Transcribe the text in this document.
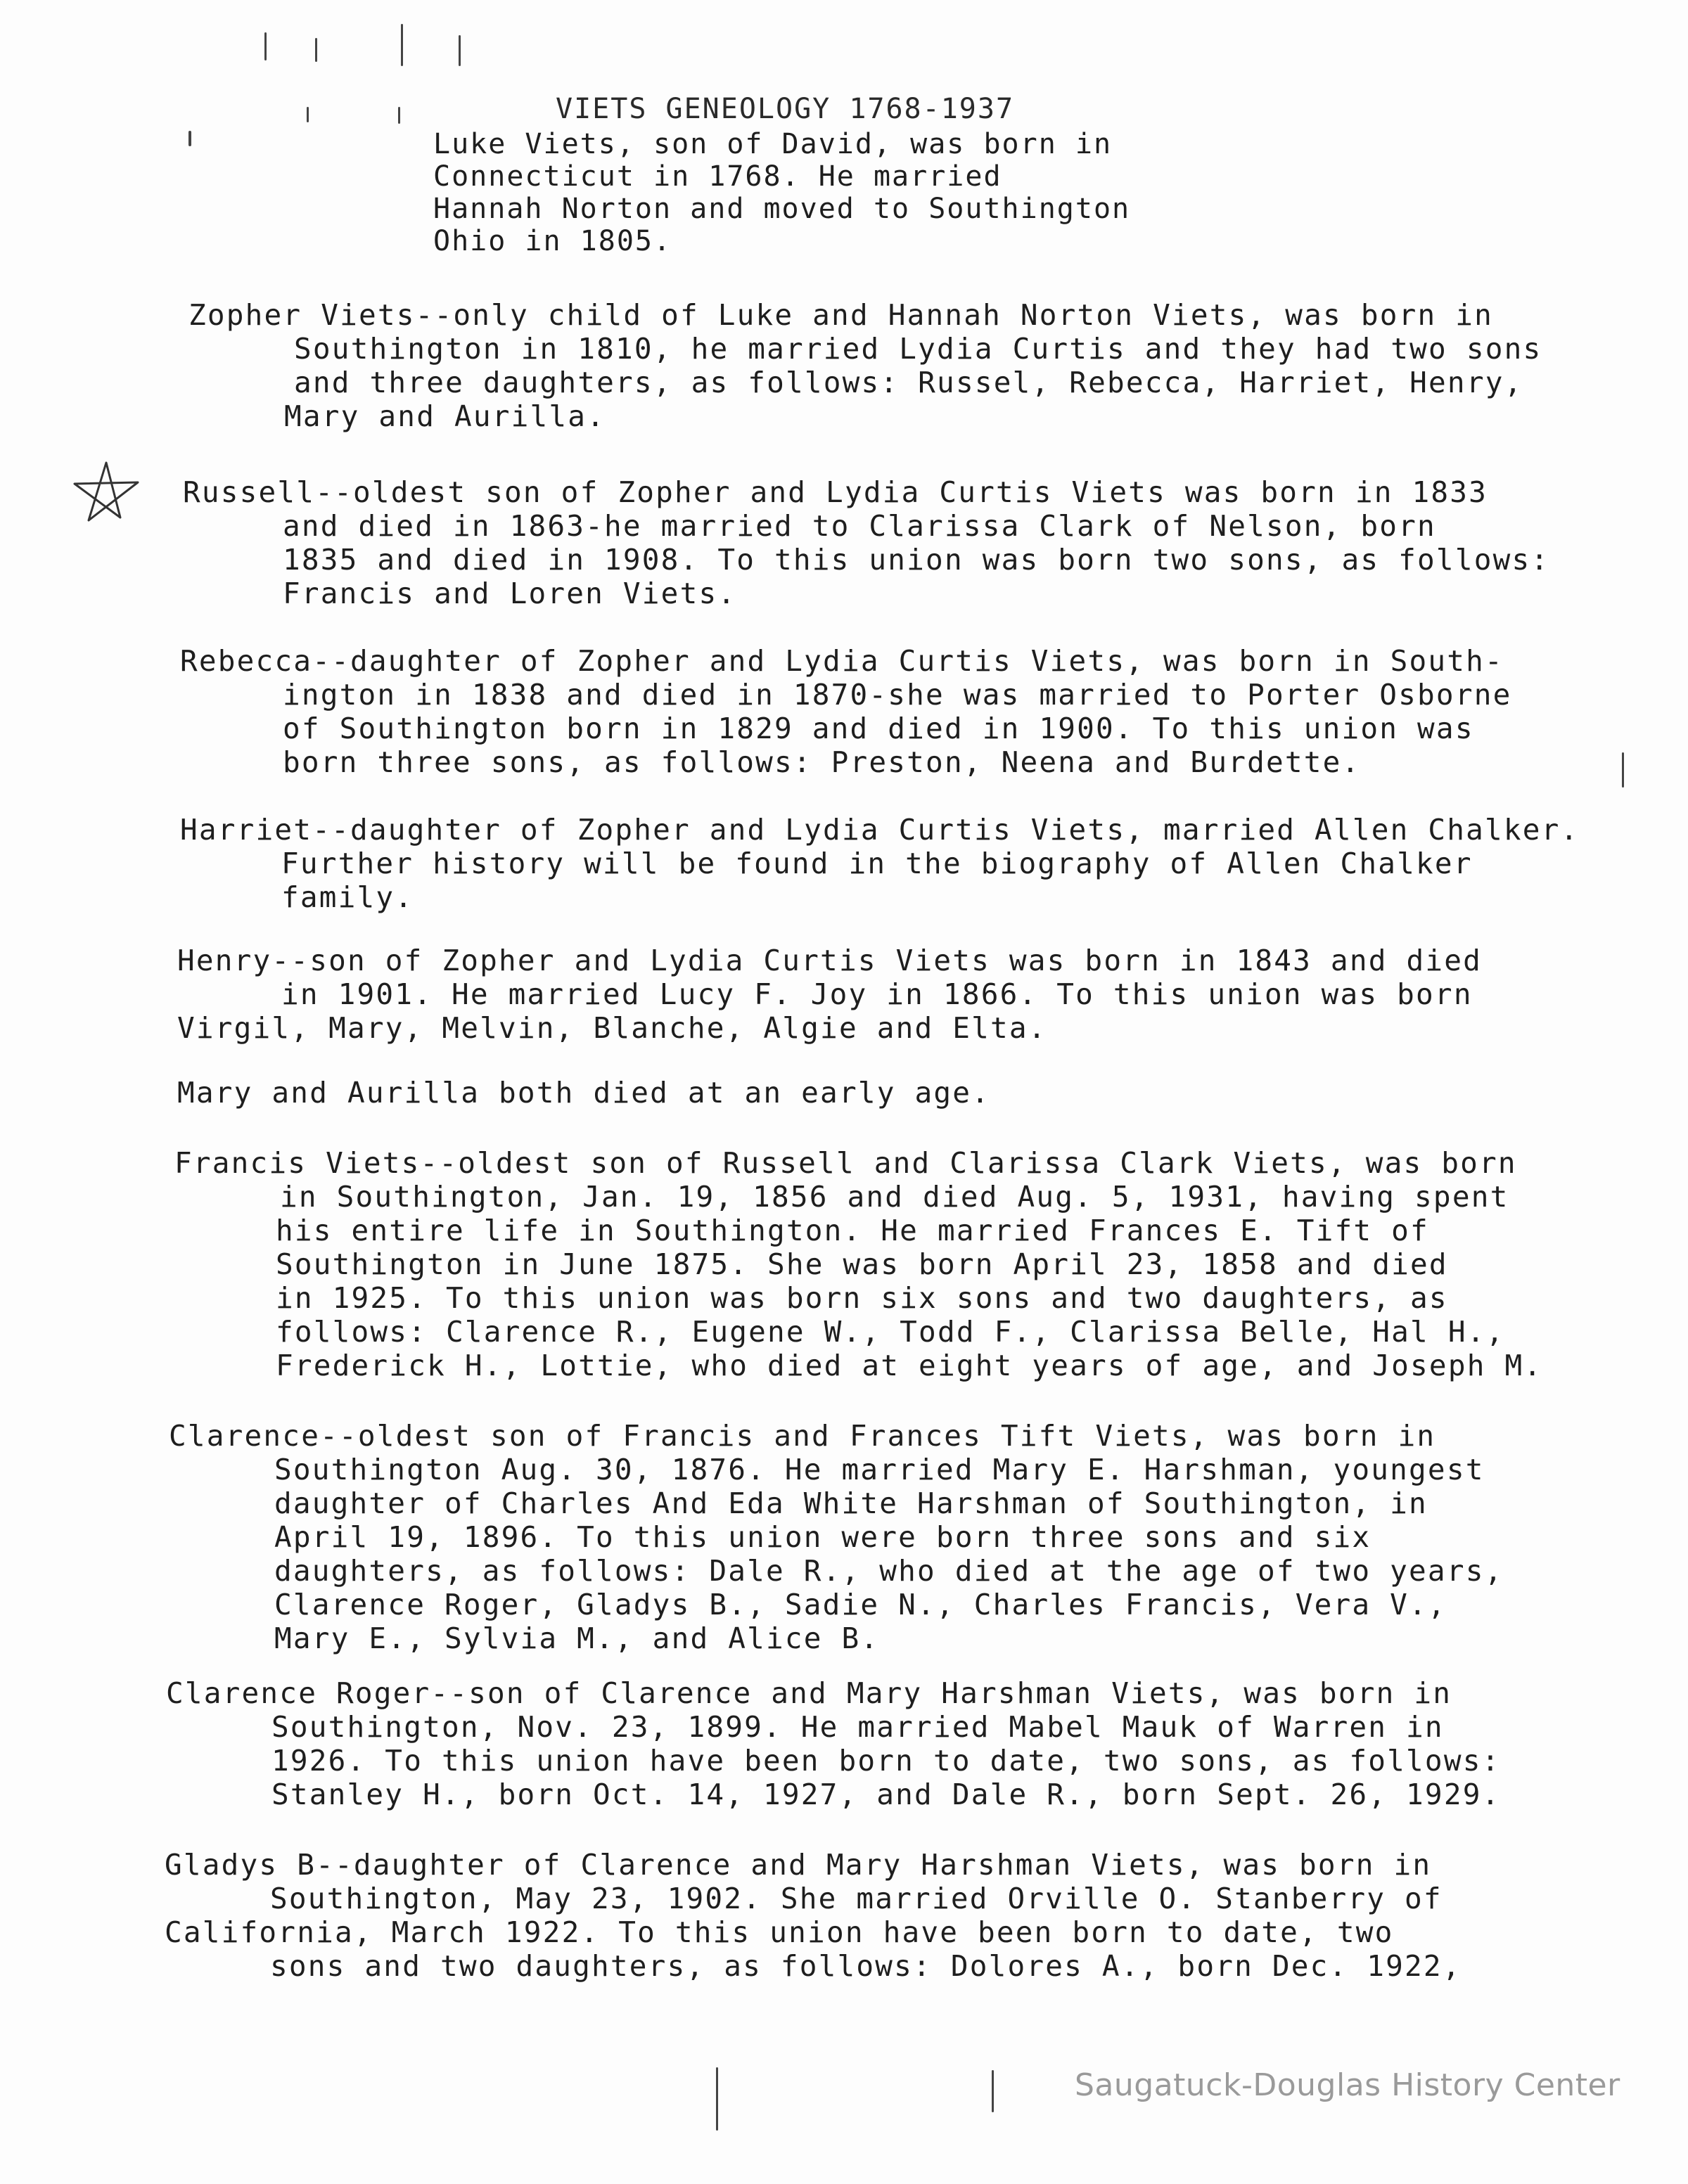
VIETS GENEOLOGY 1768-1937
Luke Viets, son of David, was born in
Connecticut in 1768. He married
Hannah Norton and moved to Southington
Ohio in 1805.
Zopher Viets--only child of Luke and Hannah Norton Viets, was born in
Southington in 1810, he married Lydia Curtis and they had two sons
and three daughters, as follows: Russel, Rebecca, Harriet, Henry,
Mary and Aurilla.
Russell--oldest son of Zopher and Lydia Curtis Viets was born in 1833
and died in 1863-he married to Clarissa Clark of Nelson, born
1835 and died in 1908. To this union was born two sons, as follows:
Francis and Loren Viets.
Rebecca--daughter of Zopher and Lydia Curtis Viets, was born in South-
ington in 1838 and died in 1870-she was married to Porter Osborne
of Southington born in 1829 and died in 1900. To this union was
born three sons, as follows: Preston, Neena and Burdette.
Harriet--daughter of Zopher and Lydia Curtis Viets, married Allen Chalker.
Further history will be found in the biography of Allen Chalker
family.
Henry--son of Zopher and Lydia Curtis Viets was born in 1843 and died
in 1901. He married Lucy F. Joy in 1866. To this union was born
Virgil, Mary, Melvin, Blanche, Algie and Elta.
Mary and Aurilla both died at an early age.
Francis Viets--oldest son of Russell and Clarissa Clark Viets, was born
in Southington, Jan. 19, 1856 and died Aug. 5, 1931, having spent
his entire life in Southington. He married Frances E. Tift of
Southington in June 1875. She was born April 23, 1858 and died
in 1925. To this union was born six sons and two daughters, as
follows: Clarence R., Eugene W., Todd F., Clarissa Belle, Hal H.,
Frederick H., Lottie, who died at eight years of age, and Joseph M.
Clarence--oldest son of Francis and Frances Tift Viets, was born in
Southington Aug. 30, 1876. He married Mary E. Harshman, youngest
daughter of Charles And Eda White Harshman of Southington, in
April 19, 1896. To this union were born three sons and six
daughters, as follows: Dale R., who died at the age of two years,
Clarence Roger, Gladys B., Sadie N., Charles Francis, Vera V.,
Mary E., Sylvia M., and Alice B.
Clarence Roger--son of Clarence and Mary Harshman Viets, was born in
Southington, Nov. 23, 1899. He married Mabel Mauk of Warren in
1926. To this union have been born to date, two sons, as follows:
Stanley H., born Oct. 14, 1927, and Dale R., born Sept. 26, 1929.
Gladys B--daughter of Clarence and Mary Harshman Viets, was born in
Southington, May 23, 1902. She married Orville O. Stanberry of
California, March 1922. To this union have been born to date, two
sons and two daughters, as follows: Dolores A., born Dec. 1922,
Saugatuck-Douglas History Center
